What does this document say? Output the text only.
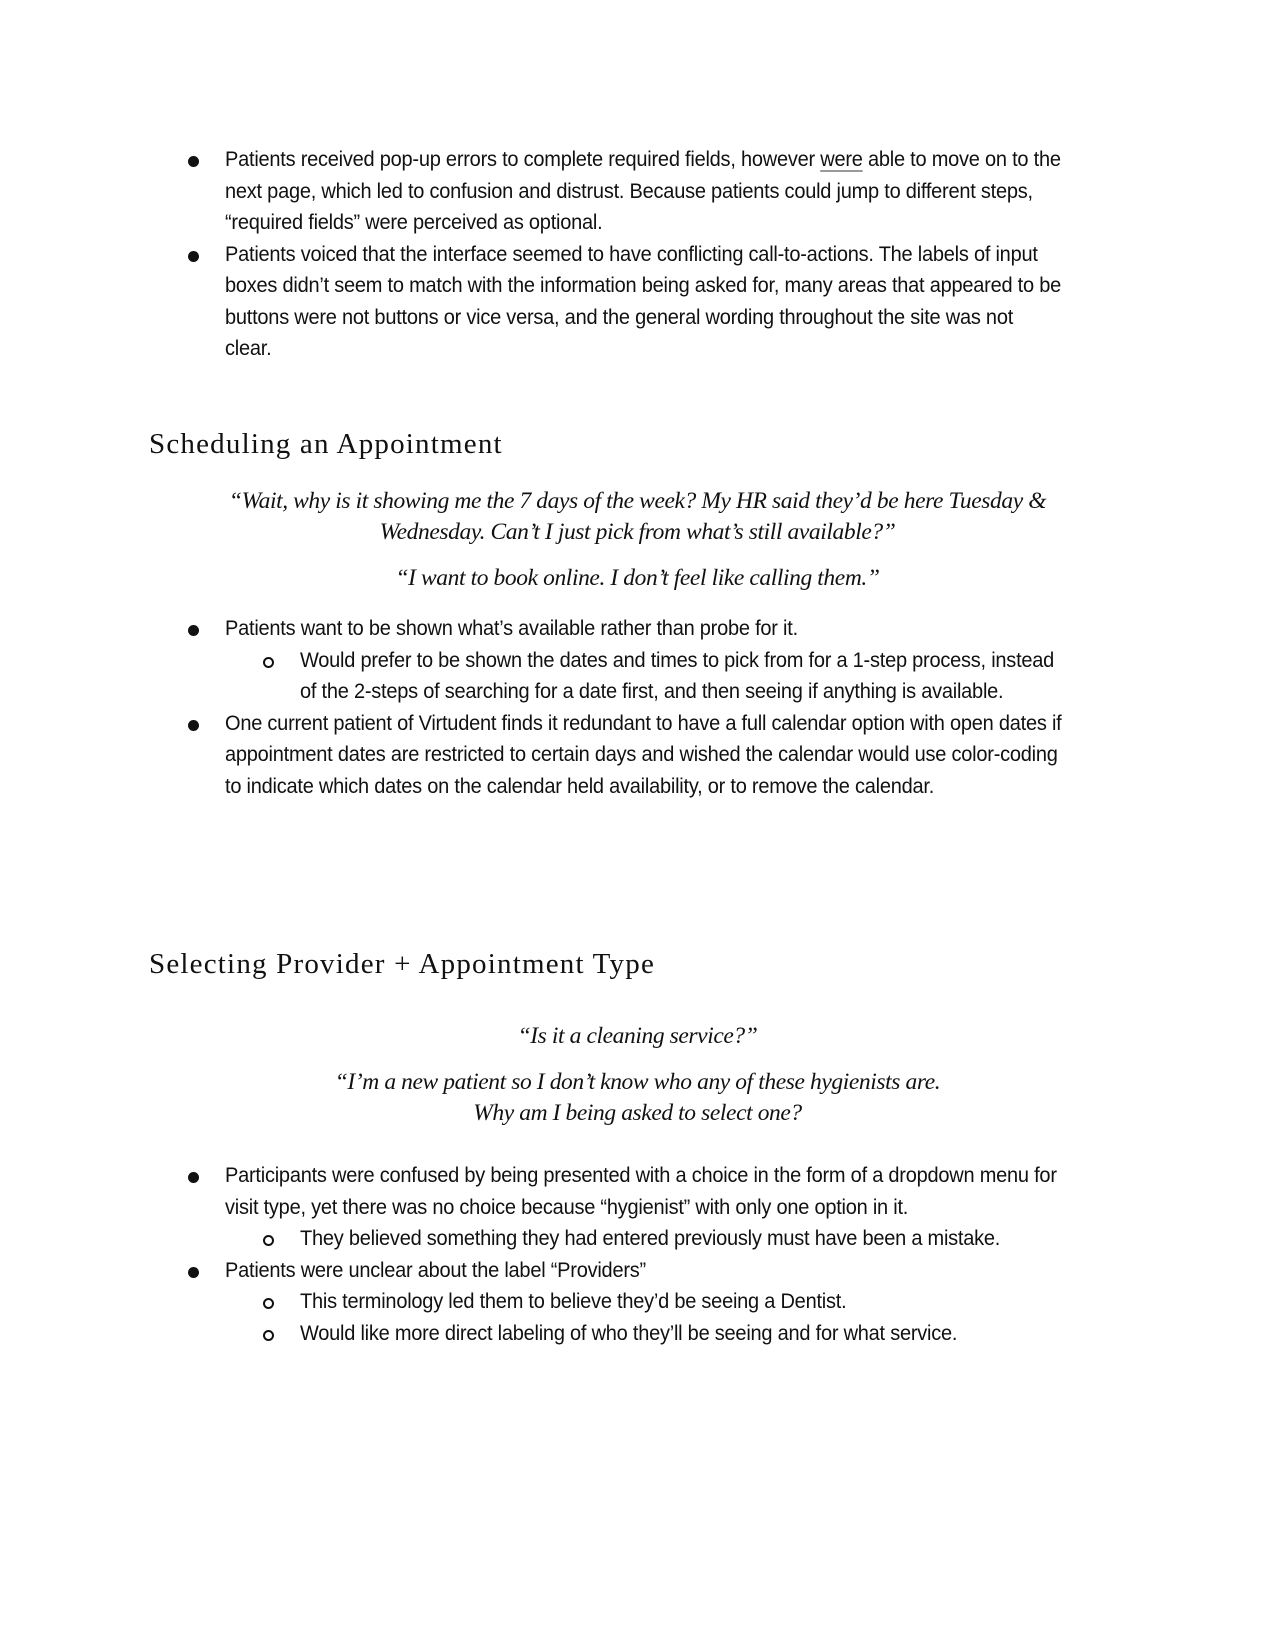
Patients received pop-up errors to complete required fields, however were able to move on to the next page, which led to confusion and distrust. Because patients could jump to different steps, “required fields” were perceived as optional.
Patients voiced that the interface seemed to have conflicting call-to-actions. The labels of input boxes didn’t seem to match with the information being asked for, many areas that appeared to be buttons were not buttons or vice versa, and the general wording throughout the site was not clear.
Scheduling an Appointment

“Wait, why is it showing me the 7 days of the week? My HR said they’d be here Tuesday &

Wednesday. Can’t I just pick from what’s still available?”

“I want to book online. I don’t feel like calling them.”

Patients want to be shown what’s available rather than probe for it.
Would prefer to be shown the dates and times to pick from for a 1-step process, instead of the 2-steps of searching for a date first, and then seeing if anything is available.
One current patient of Virtudent finds it redundant to have a full calendar option with open dates if appointment dates are restricted to certain days and wished the calendar would use color-coding to indicate which dates on the calendar held availability, or to remove the calendar.
Selecting Provider + Appointment Type

“Is it a cleaning service?”

“I’m a new patient so I don’t know who any of these hygienists are.

Why am I being asked to select one?

Participants were confused by being presented with a choice in the form of a dropdown menu for visit type, yet there was no choice because “hygienist” with only one option in it.
They believed something they had entered previously must have been a mistake.
Patients were unclear about the label “Providers”
This terminology led them to believe they’d be seeing a Dentist.
Would like more direct labeling of who they’ll be seeing and for what service.
